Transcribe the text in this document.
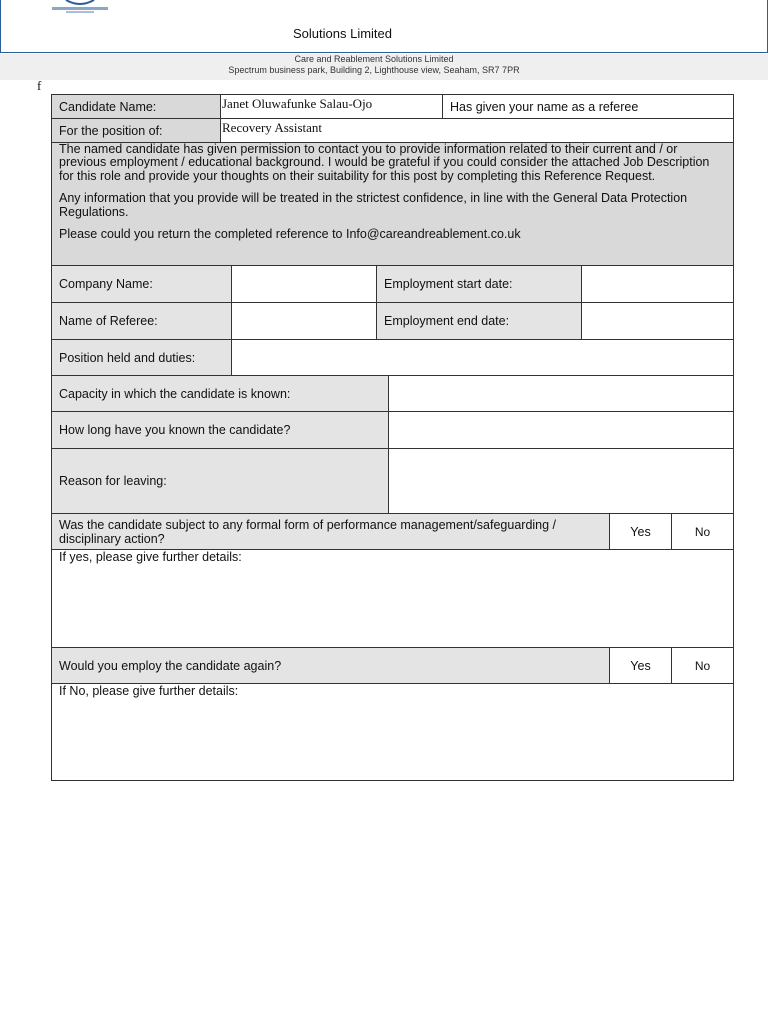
Solutions Limited
Care and Reablement Solutions Limited
Spectrum business park, Building 2, Lighthouse view, Seaham, SR7 7PR
f
Candidate Name:	Janet Oluwafunke Salau-Ojo	Has given your name as a referee
For the position of:	Recovery Assistant

The named candidate has given permission to contact you to provide information related to their current and / or previous employment / educational background. I would be grateful if you could consider the attached Job Description for this role and provide your thoughts on their suitability for this post by completing this Reference Request.

Any information that you provide will be treated in the strictest confidence, in line with the General Data Protection Regulations.

Please could you return the completed reference to Info@careandreablement.co.uk

Company Name:	Employment start date:
Name of Referee:	Employment end date:
Position held and duties:
Capacity in which the candidate is known:
How long have you known the candidate?
Reason for leaving:
Was the candidate subject to any formal form of performance management/safeguarding / disciplinary action?	Yes	No
If yes, please give further details:
Would you employ the candidate again?	Yes	No
If No, please give further details:
